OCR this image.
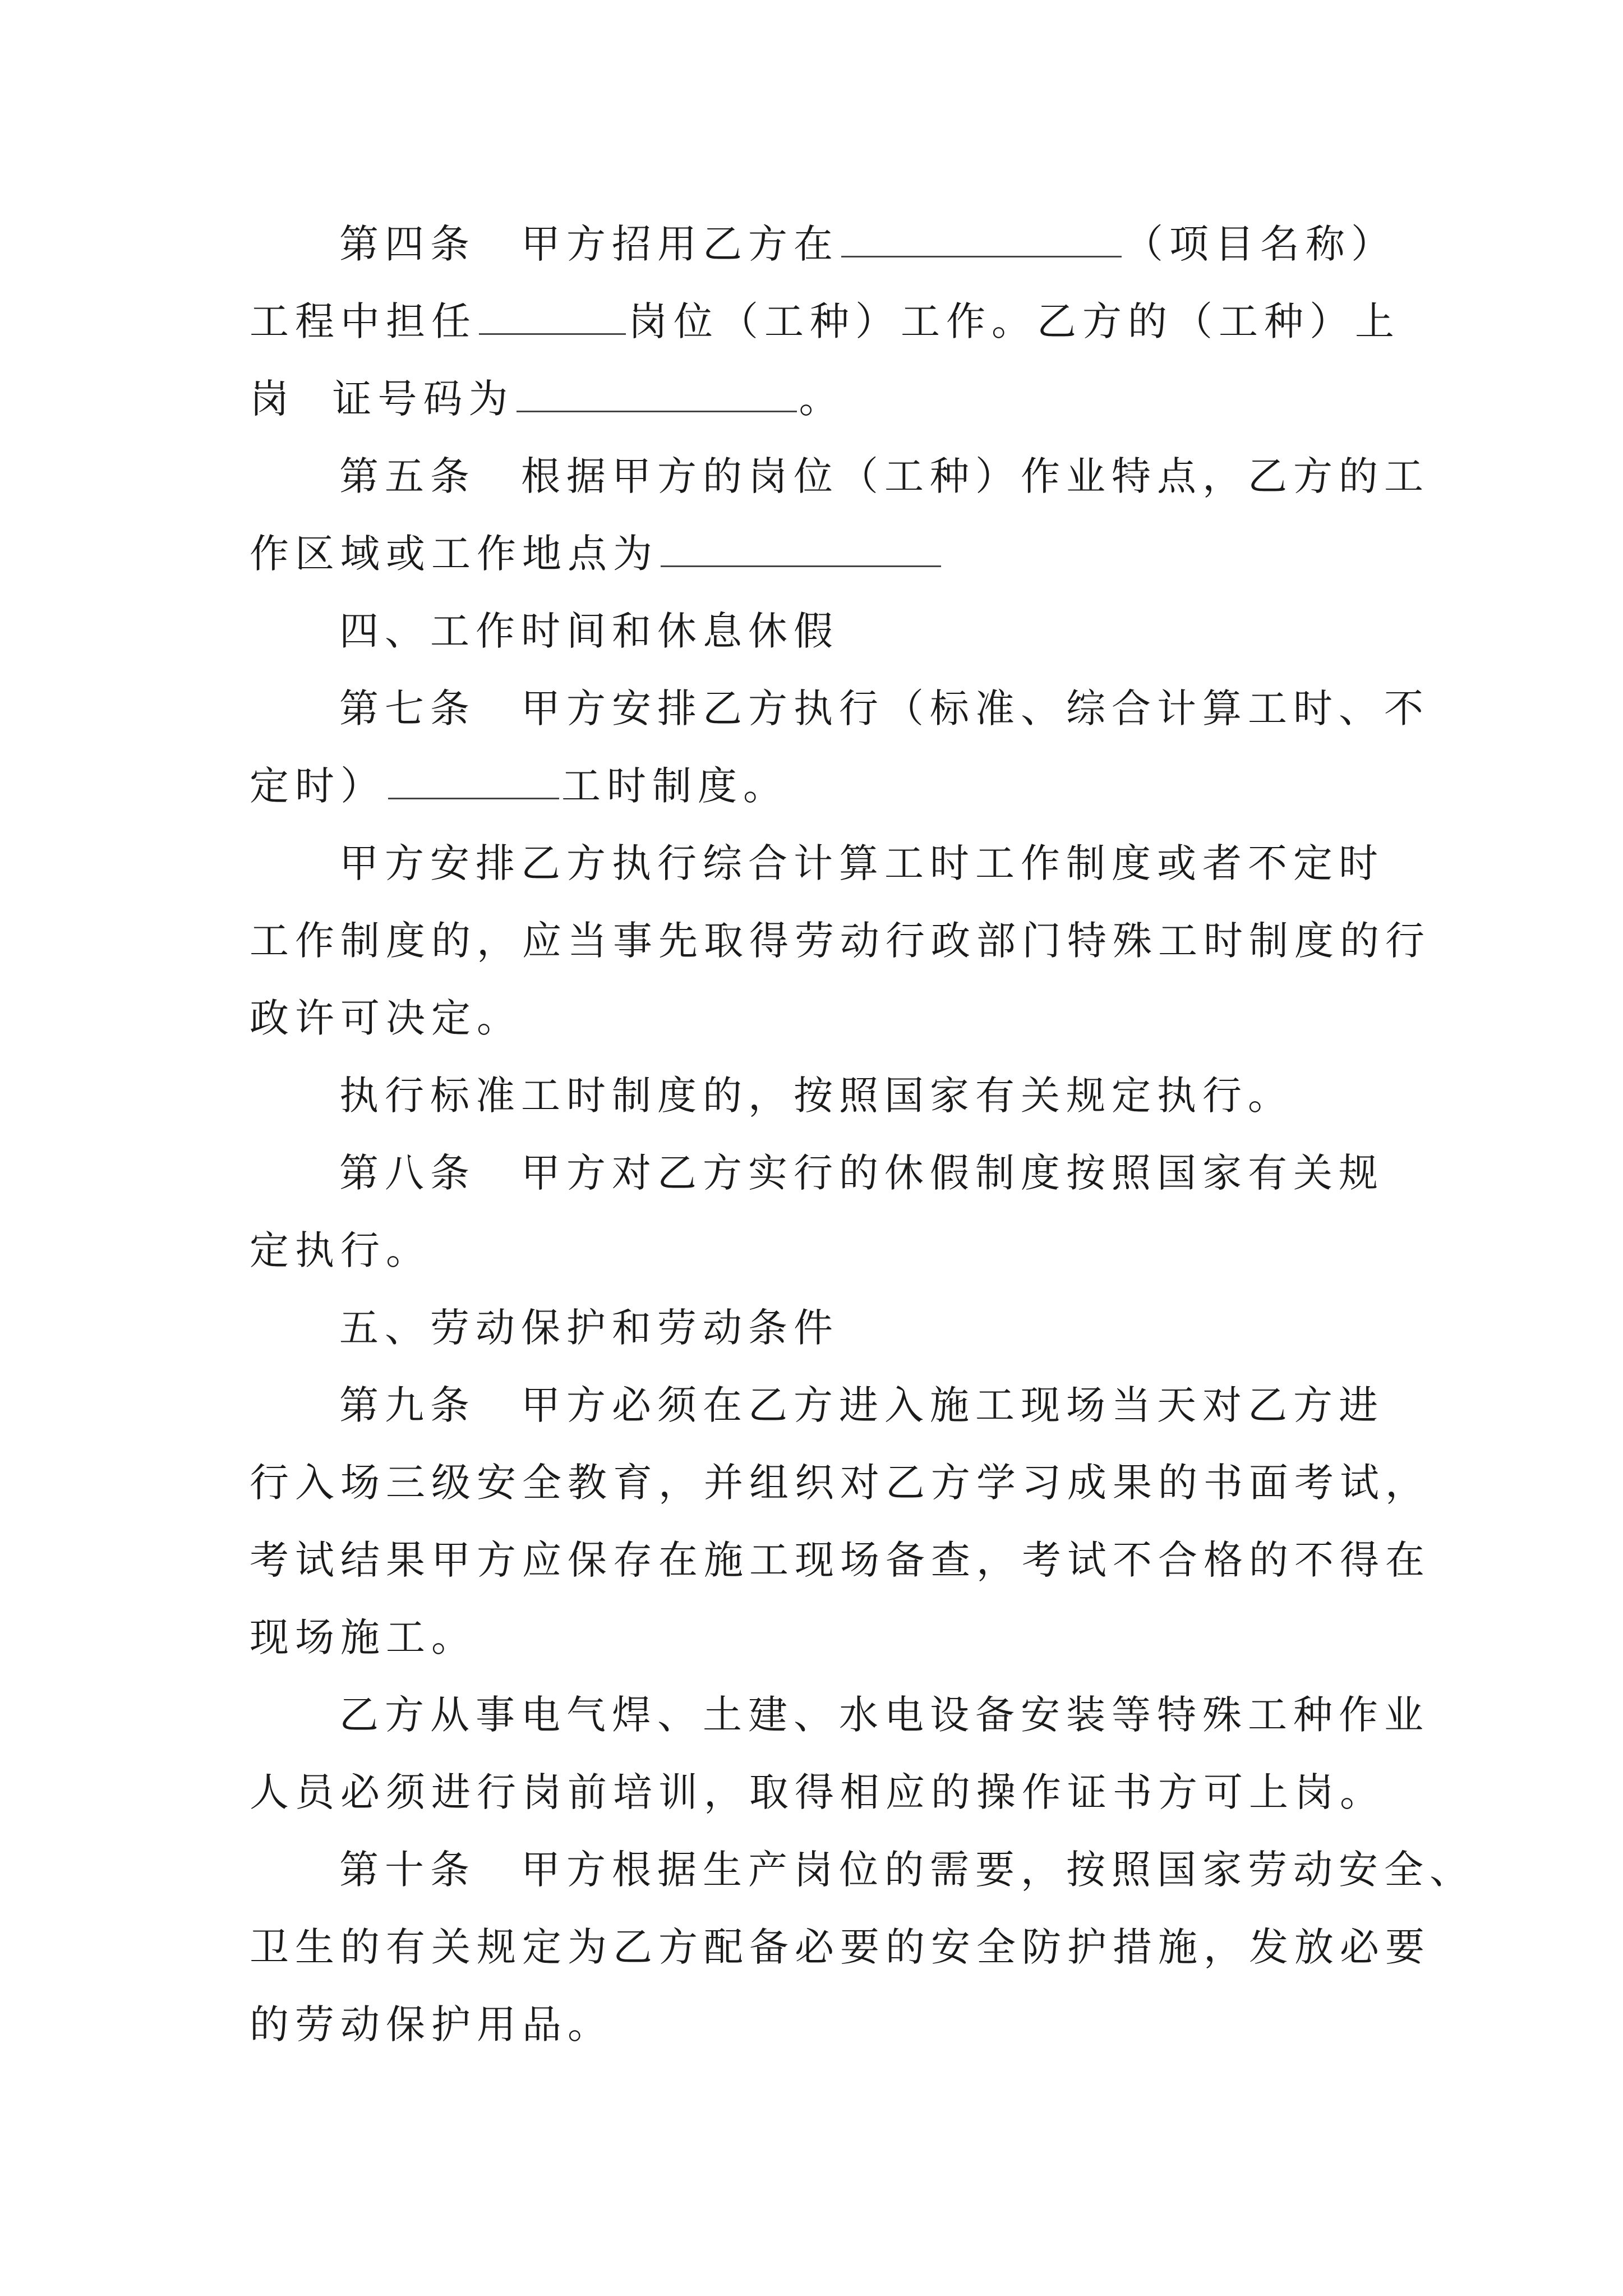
第四条　甲方招用乙方在	（项目名称）
工程中担任	岗位（工种）工作。乙方的（工种）上
岗  证号码为	。
第五条　根据甲方的岗位（工种）作业特点，乙方的工
作区域或工作地点为
四、工作时间和休息休假
第七条　甲方安排乙方执行（标准、综合计算工时、不
定时）	工时制度。
甲方安排乙方执行综合计算工时工作制度或者不定时
工作制度的，应当事先取得劳动行政部门特殊工时制度的行
政许可决定。
执行标准工时制度的，按照国家有关规定执行。
第八条　甲方对乙方实行的休假制度按照国家有关规
定执行。
五、劳动保护和劳动条件
第九条　甲方必须在乙方进入施工现场当天对乙方进
行入场三级安全教育，并组织对乙方学习成果的书面考试，
考试结果甲方应保存在施工现场备查，考试不合格的不得在
现场施工。
乙方从事电气焊、土建、水电设备安装等特殊工种作业
人员必须进行岗前培训，取得相应的操作证书方可上岗。
第十条　甲方根据生产岗位的需要，按照国家劳动安全、
卫生的有关规定为乙方配备必要的安全防护措施，发放必要
的劳动保护用品。
